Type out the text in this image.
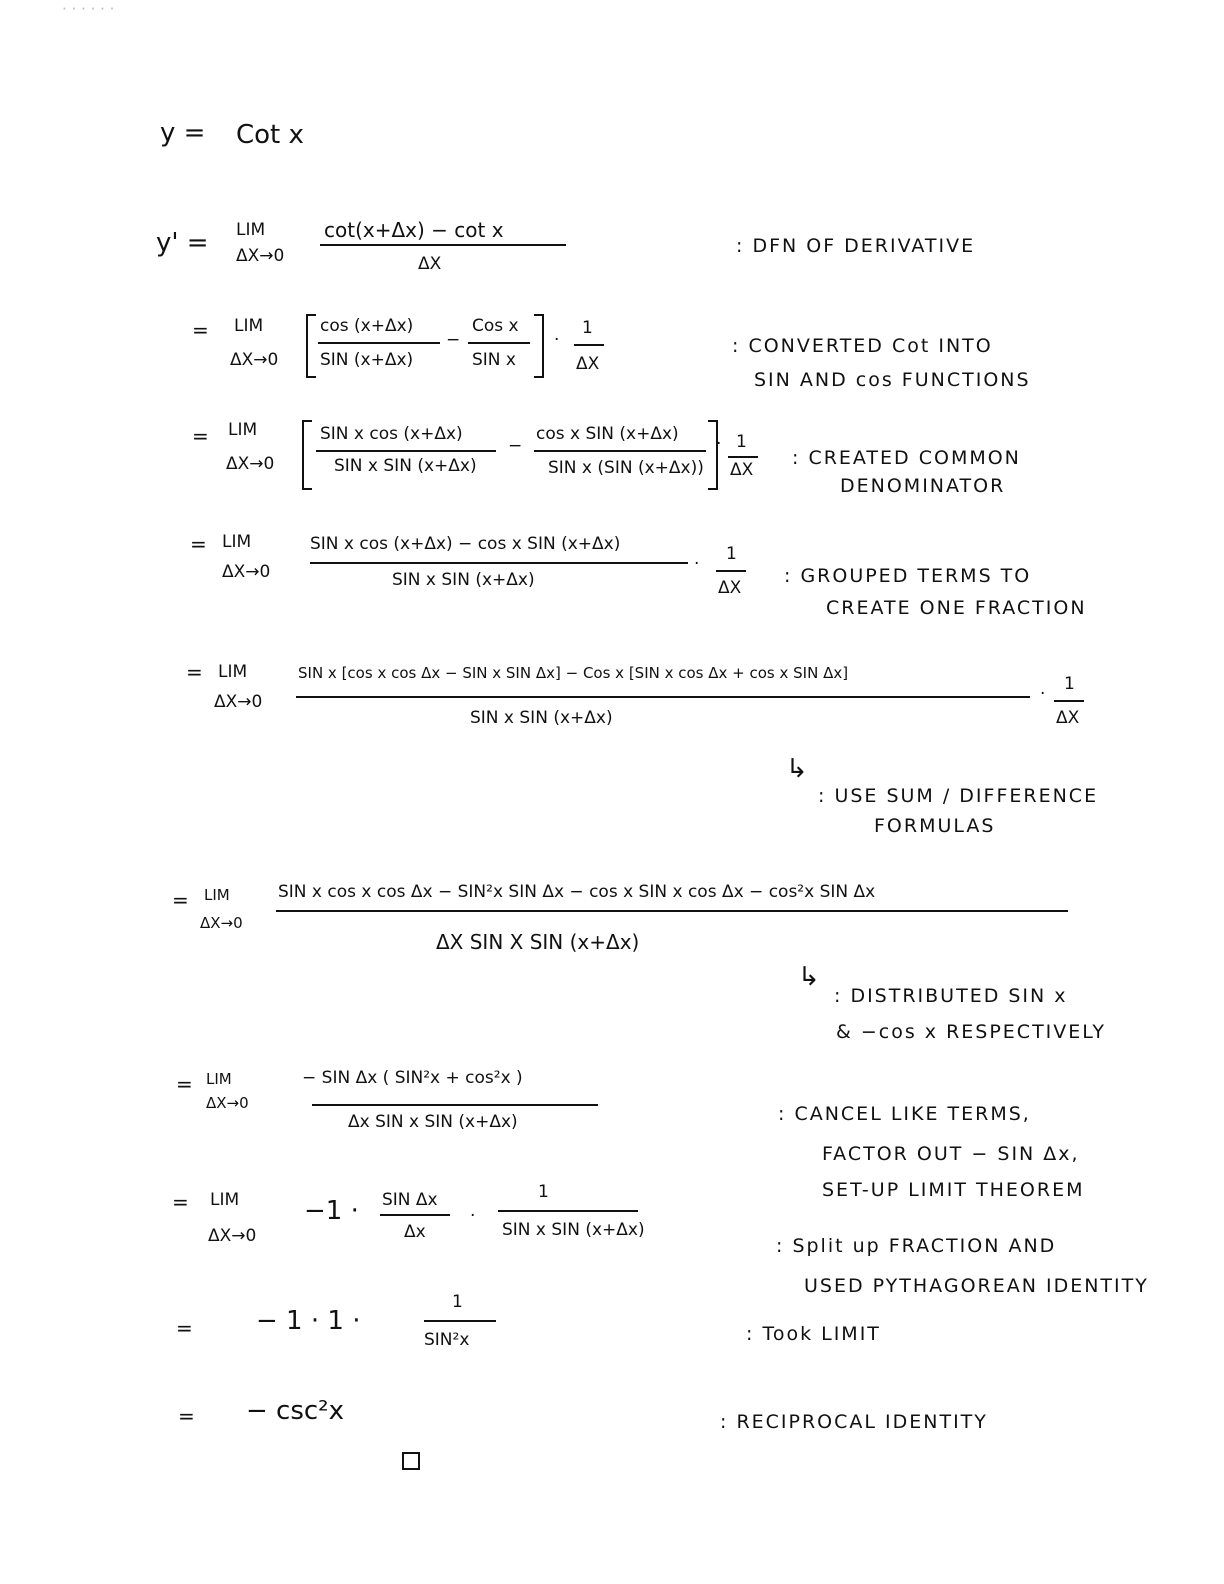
· · · · · ·
y = Cot x
y' = LIM
ΔX→0
cot(x+Δx) − cot x
ΔX
: DFN OF DERIVATIVE
= LIM
ΔX→0
cos (x+Δx)
SIN (x+Δx)
−
Cos x
SIN x
·
1
ΔX
: CONVERTED Cot INTO
SIN AND cos FUNCTIONS
= LIM
ΔX→0
SIN x cos (x+Δx)
SIN x SIN (x+Δx)
−
cos x SIN (x+Δx)
SIN x (SIN (x+Δx))
· 1
ΔX
: CREATED COMMON
DENOMINATOR
= LIM
ΔX→0
SIN x cos (x+Δx) − cos x SIN (x+Δx)
SIN x SIN (x+Δx)
· 1
ΔX
: GROUPED TERMS TO
CREATE ONE FRACTION
= LIM
ΔX→0
SIN x [cos x cos Δx − SIN x SIN Δx] − Cos x [SIN x cos Δx + cos x SIN Δx]
SIN x SIN (x+Δx)
· 1
ΔX
↳
: USE SUM / DIFFERENCE
FORMULAS
= LIM
ΔX→0
SIN x cos x cos Δx − SIN²x SIN Δx − cos x SIN x cos Δx − cos²x SIN Δx
ΔX SIN X SIN (x+Δx)
↳
: DISTRIBUTED SIN x
& −cos x RESPECTIVELY
= LIM
ΔX→0
− SIN Δx ( SIN²x + cos²x )
Δx SIN x SIN (x+Δx)	: CANCEL LIKE TERMS,
FACTOR OUT − SIN Δx,
SET-UP LIMIT THEOREM
= LIM
ΔX→0
−1 · SIN Δx
Δx
·
1
SIN x SIN (x+Δx)
: Split up FRACTION AND
USED PYTHAGOREAN IDENTITY
= − 1 · 1 ·
1
SIN²x	: Took LIMIT
= − csc²x	: RECIPROCAL IDENTITY
